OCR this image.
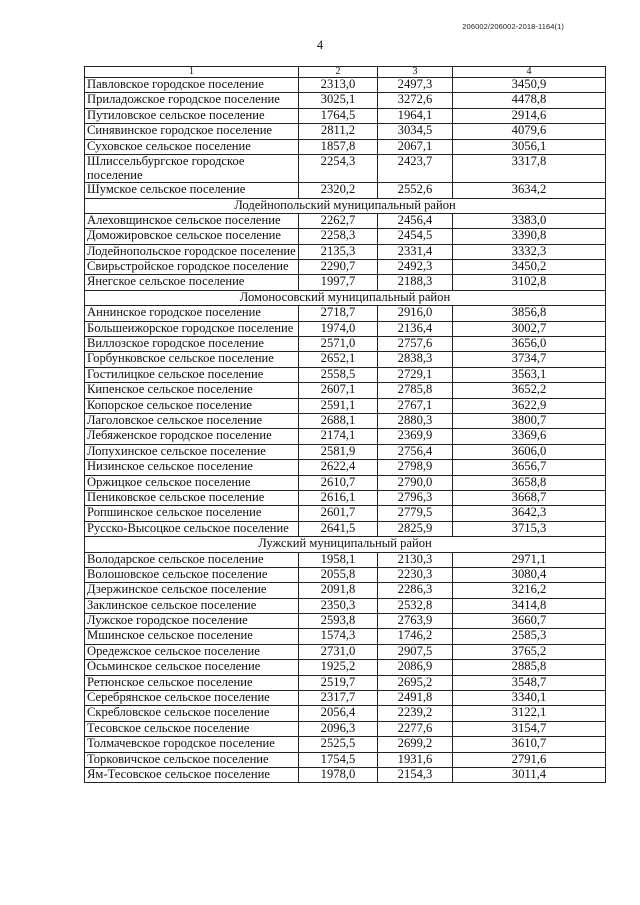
206002/206002-2018-1164(1)
4
1	2	3	4
Павловское городское поселение	2313,0	2497,3	3450,9
Приладожское городское поселение	3025,1	3272,6	4478,8
Путиловское сельское поселение	1764,5	1964,1	2914,6
Синявинское городское поселение	2811,2	3034,5	4079,6
Суховское сельское поселение	1857,8	2067,1	3056,1
Шлиссельбургское городское поселение	2254,3	2423,7	3317,8
Шумское сельское поселение	2320,2	2552,6	3634,2
Лодейнопольский муниципальный район			
Алеховщинское сельское поселение	2262,7	2456,4	3383,0
Доможировское сельское поселение	2258,3	2454,5	3390,8
Лодейнопольское городское поселение	2135,3	2331,4	3332,3
Свирьстройское городское поселение	2290,7	2492,3	3450,2
Янегское сельское поселение	1997,7	2188,3	3102,8
Ломоносовский муниципальный район			
Аннинское городское поселение	2718,7	2916,0	3856,8
Большеижорское городское поселение	1974,0	2136,4	3002,7
Виллозское городское поселение	2571,0	2757,6	3656,0
Горбунковское сельское поселение	2652,1	2838,3	3734,7
Гостилицкое сельское поселение	2558,5	2729,1	3563,1
Кипенское сельское поселение	2607,1	2785,8	3652,2
Копорское сельское поселение	2591,1	2767,1	3622,9
Лаголовское сельское поселение	2688,1	2880,3	3800,7
Лебяженское городское поселение	2174,1	2369,9	3369,6
Лопухинское сельское поселение	2581,9	2756,4	3606,0
Низинское сельское поселение	2622,4	2798,9	3656,7
Оржицкое сельское поселение	2610,7	2790,0	3658,8
Пениковское сельское поселение	2616,1	2796,3	3668,7
Ропшинское сельское поселение	2601,7	2779,5	3642,3
Русско-Высоцкое сельское поселение	2641,5	2825,9	3715,3
Лужский муниципальный район			
Володарское сельское поселение	1958,1	2130,3	2971,1
Волошовское сельское поселение	2055,8	2230,3	3080,4
Дзержинское сельское поселение	2091,8	2286,3	3216,2
Заклинское сельское поселение	2350,3	2532,8	3414,8
Лужское городское поселение	2593,8	2763,9	3660,7
Мшинское сельское поселение	1574,3	1746,2	2585,3
Оредежское сельское поселение	2731,0	2907,5	3765,2
Осьминское сельское поселение	1925,2	2086,9	2885,8
Ретюнское сельское поселение	2519,7	2695,2	3548,7
Серебрянское сельское поселение	2317,7	2491,8	3340,1
Скребловское сельское поселение	2056,4	2239,2	3122,1
Тесовское сельское поселение	2096,3	2277,6	3154,7
Толмачевское городское поселение	2525,5	2699,2	3610,7
Торковичское сельское поселение	1754,5	1931,6	2791,6
Ям-Тесовское сельское поселение	1978,0	2154,3	3011,4
